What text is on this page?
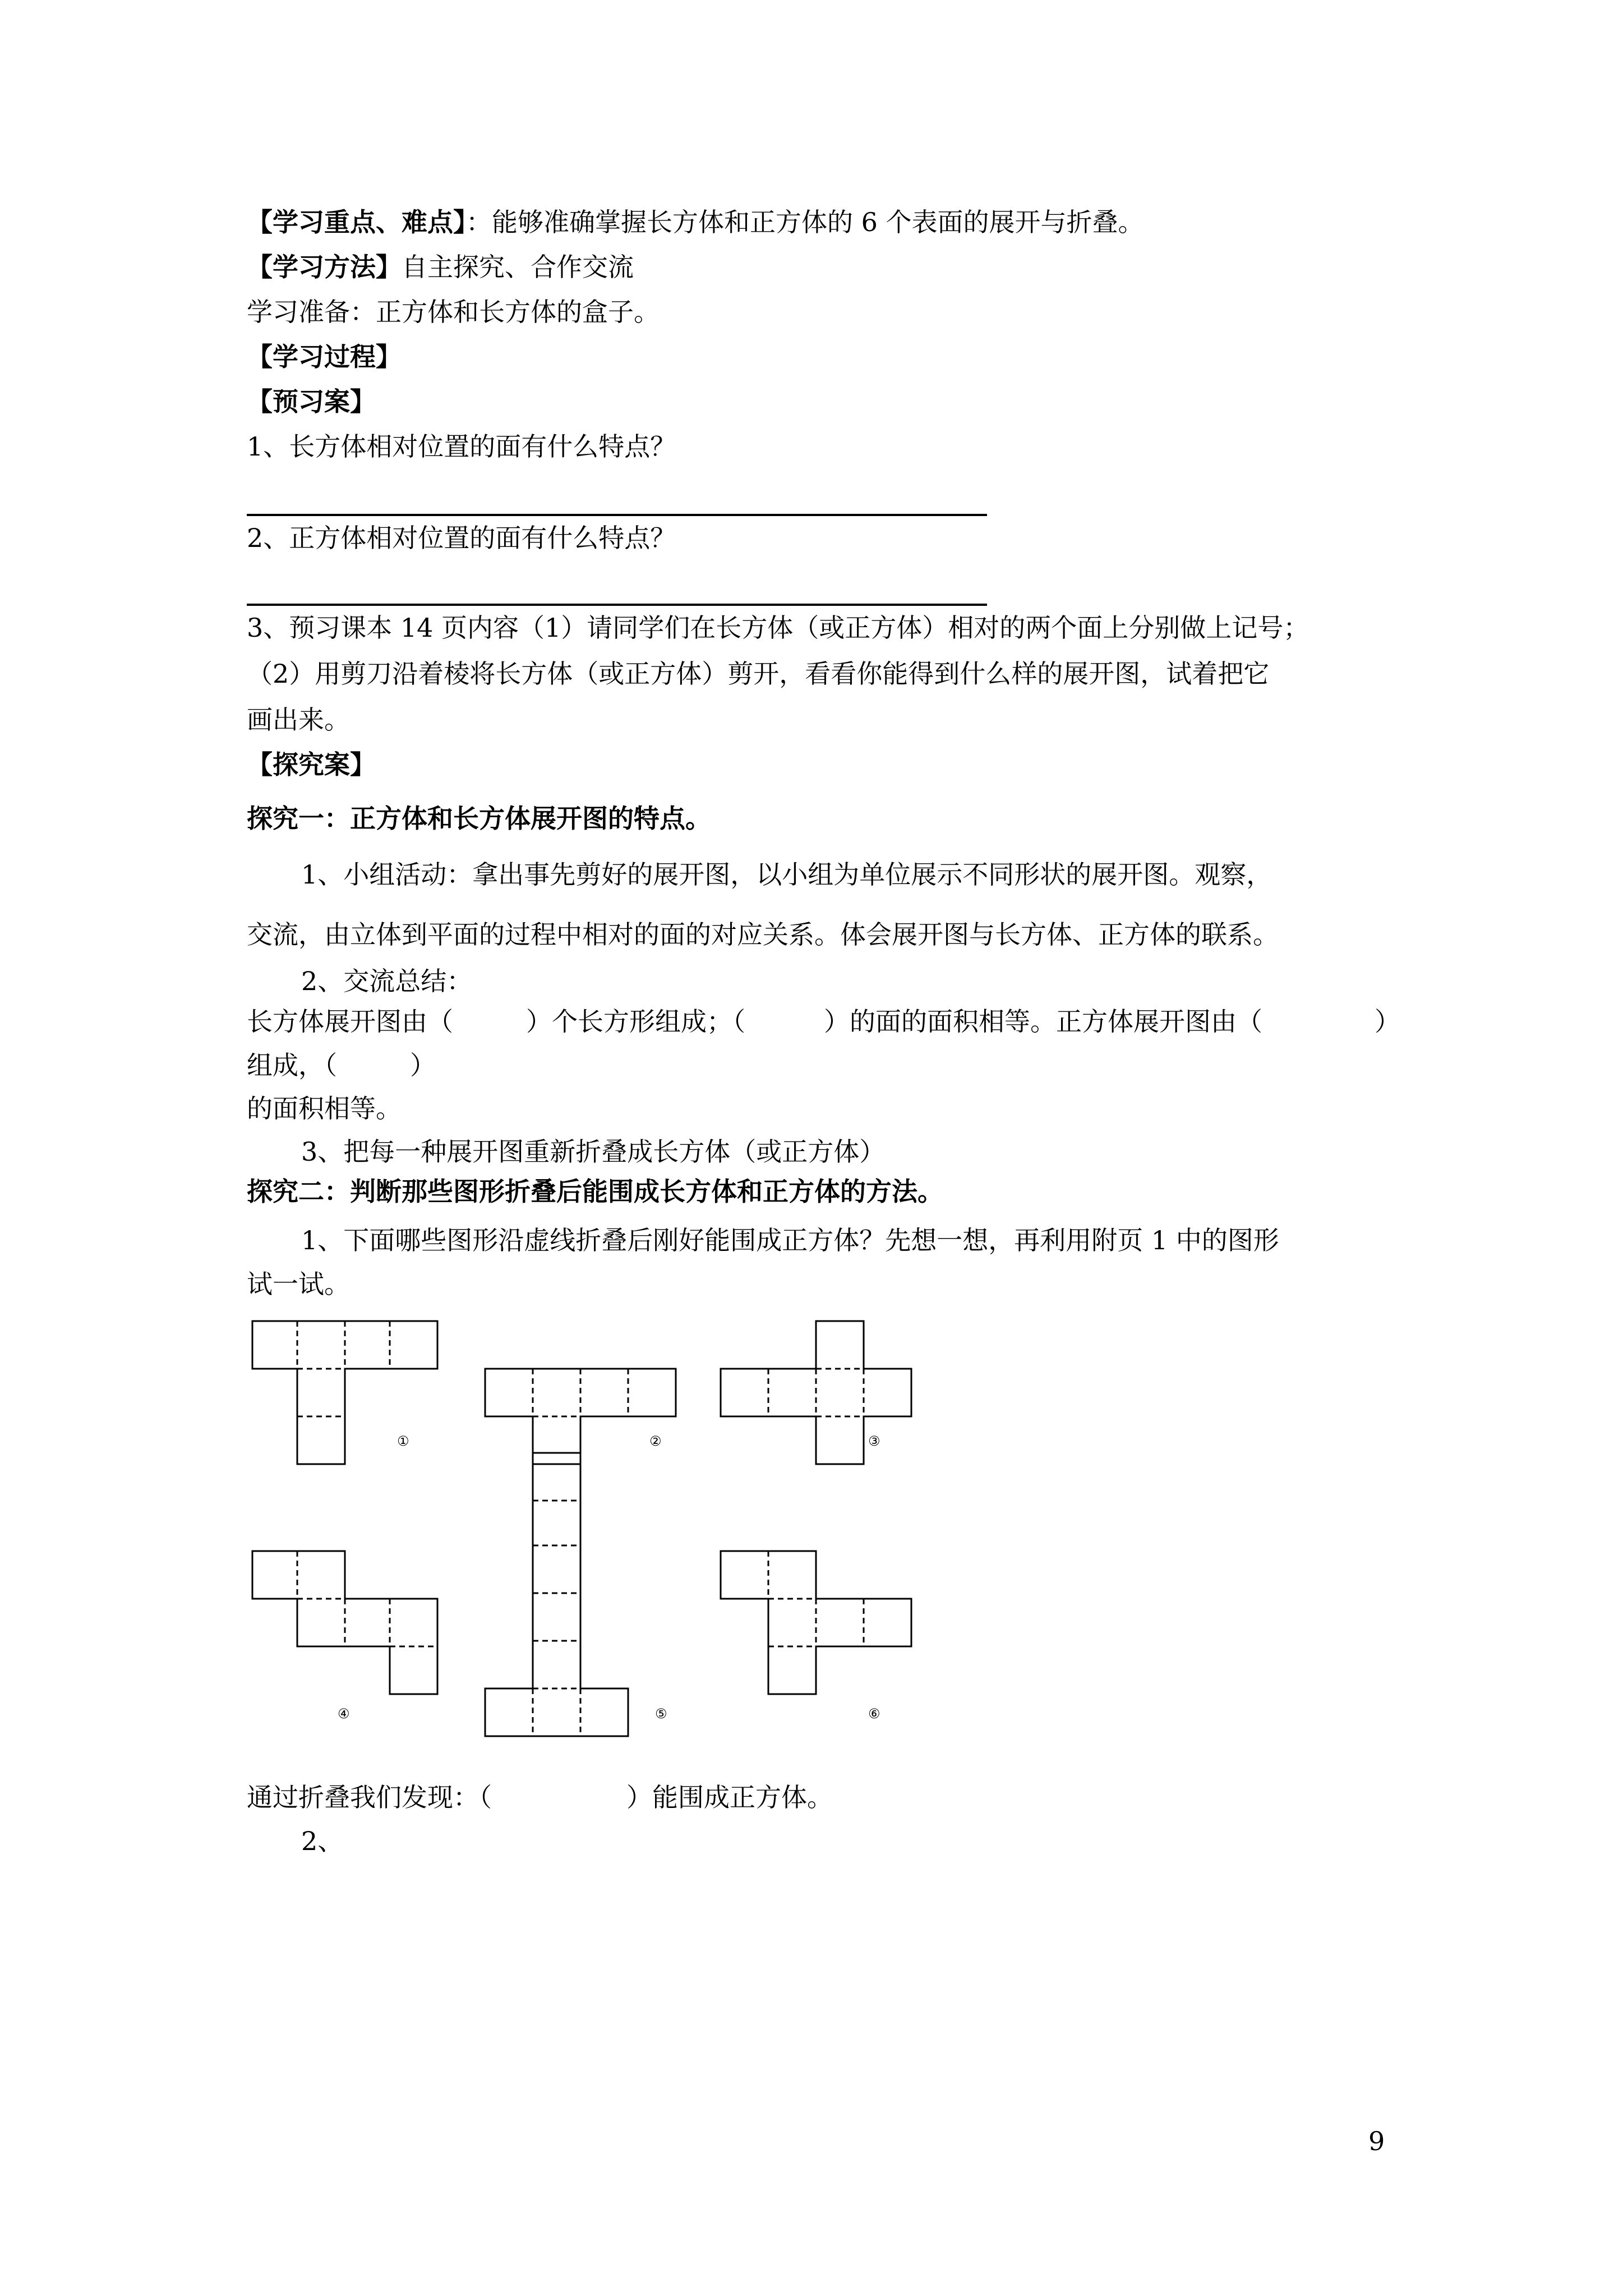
【学习重点、难点】：能够准确掌握长方体和正方体的 6 个表面的展开与折叠。
【学习方法】自主探究、合作交流
学习准备：正方体和长方体的盒子。
【学习过程】
【预习案】
1、长方体相对位置的面有什么特点？
2、正方体相对位置的面有什么特点？
3、预习课本 14 页内容（1）请同学们在长方体（或正方体）相对的两个面上分别做上记号；
（2）用剪刀沿着棱将长方体（或正方体）剪开，看看你能得到什么样的展开图，试着把它
画出来。
【探究案】
探究一：正方体和长方体展开图的特点。
1、小组活动：拿出事先剪好的展开图，以小组为单位展示不同形状的展开图。观察，
交流，由立体到平面的过程中相对的面的对应关系。体会展开图与长方体、正方体的联系。
2、交流总结：
长方体展开图由（	）个长方形组成；（	）的面的面积相等。正方体展开图由（	）
组成，（	）
的面积相等。
3、把每一种展开图重新折叠成长方体（或正方体）
探究二：判断那些图形折叠后能围成长方体和正方体的方法。
1、下面哪些图形沿虚线折叠后刚好能围成正方体？先想一想，再利用附页 1 中的图形
试一试。
①	②	③
④	⑤	⑥
通过折叠我们发现：（	）能围成正方体。
2、
9
